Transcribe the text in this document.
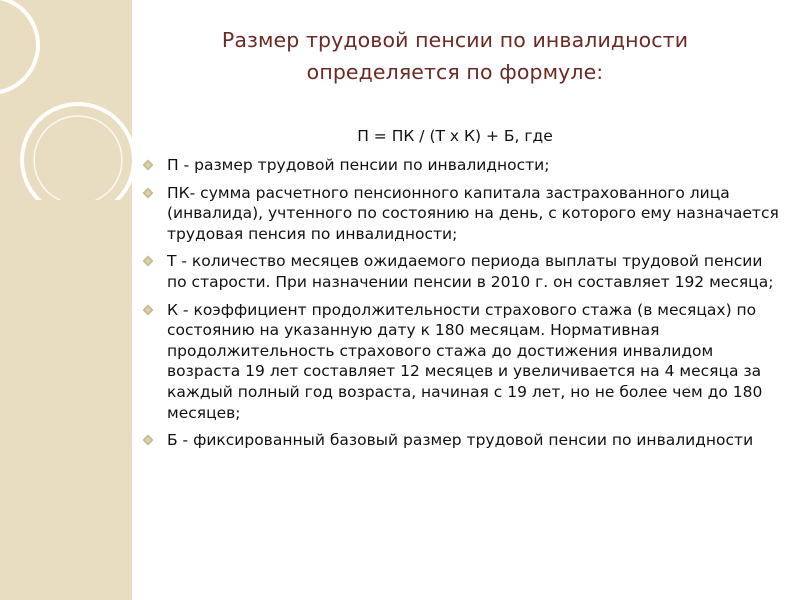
Размер трудовой пенсии по инвалидности определяется по формуле:
П = ПК / (Т х К) + Б, где
П - размер трудовой пенсии по инвалидности;
ПК- сумма расчетного пенсионного капитала застрахованного лица (инвалида), учтенного по состоянию на день, с которого ему назначается трудовая пенсия по инвалидности;
Т - количество месяцев ожидаемого периода выплаты трудовой пенсии по старости. При назначении пенсии в 2010 г. он составляет 192 месяца;
К - коэффициент продолжительности страхового стажа (в месяцах) по состоянию на указанную дату к 180 месяцам. Нормативная продолжительность страхового стажа до достижения инвалидом возраста 19 лет составляет 12 месяцев и увеличивается на 4 месяца за каждый полный год возраста, начиная с 19 лет, но не более чем до 180 месяцев;
Б - фиксированный базовый размер трудовой пенсии по инвалидности
